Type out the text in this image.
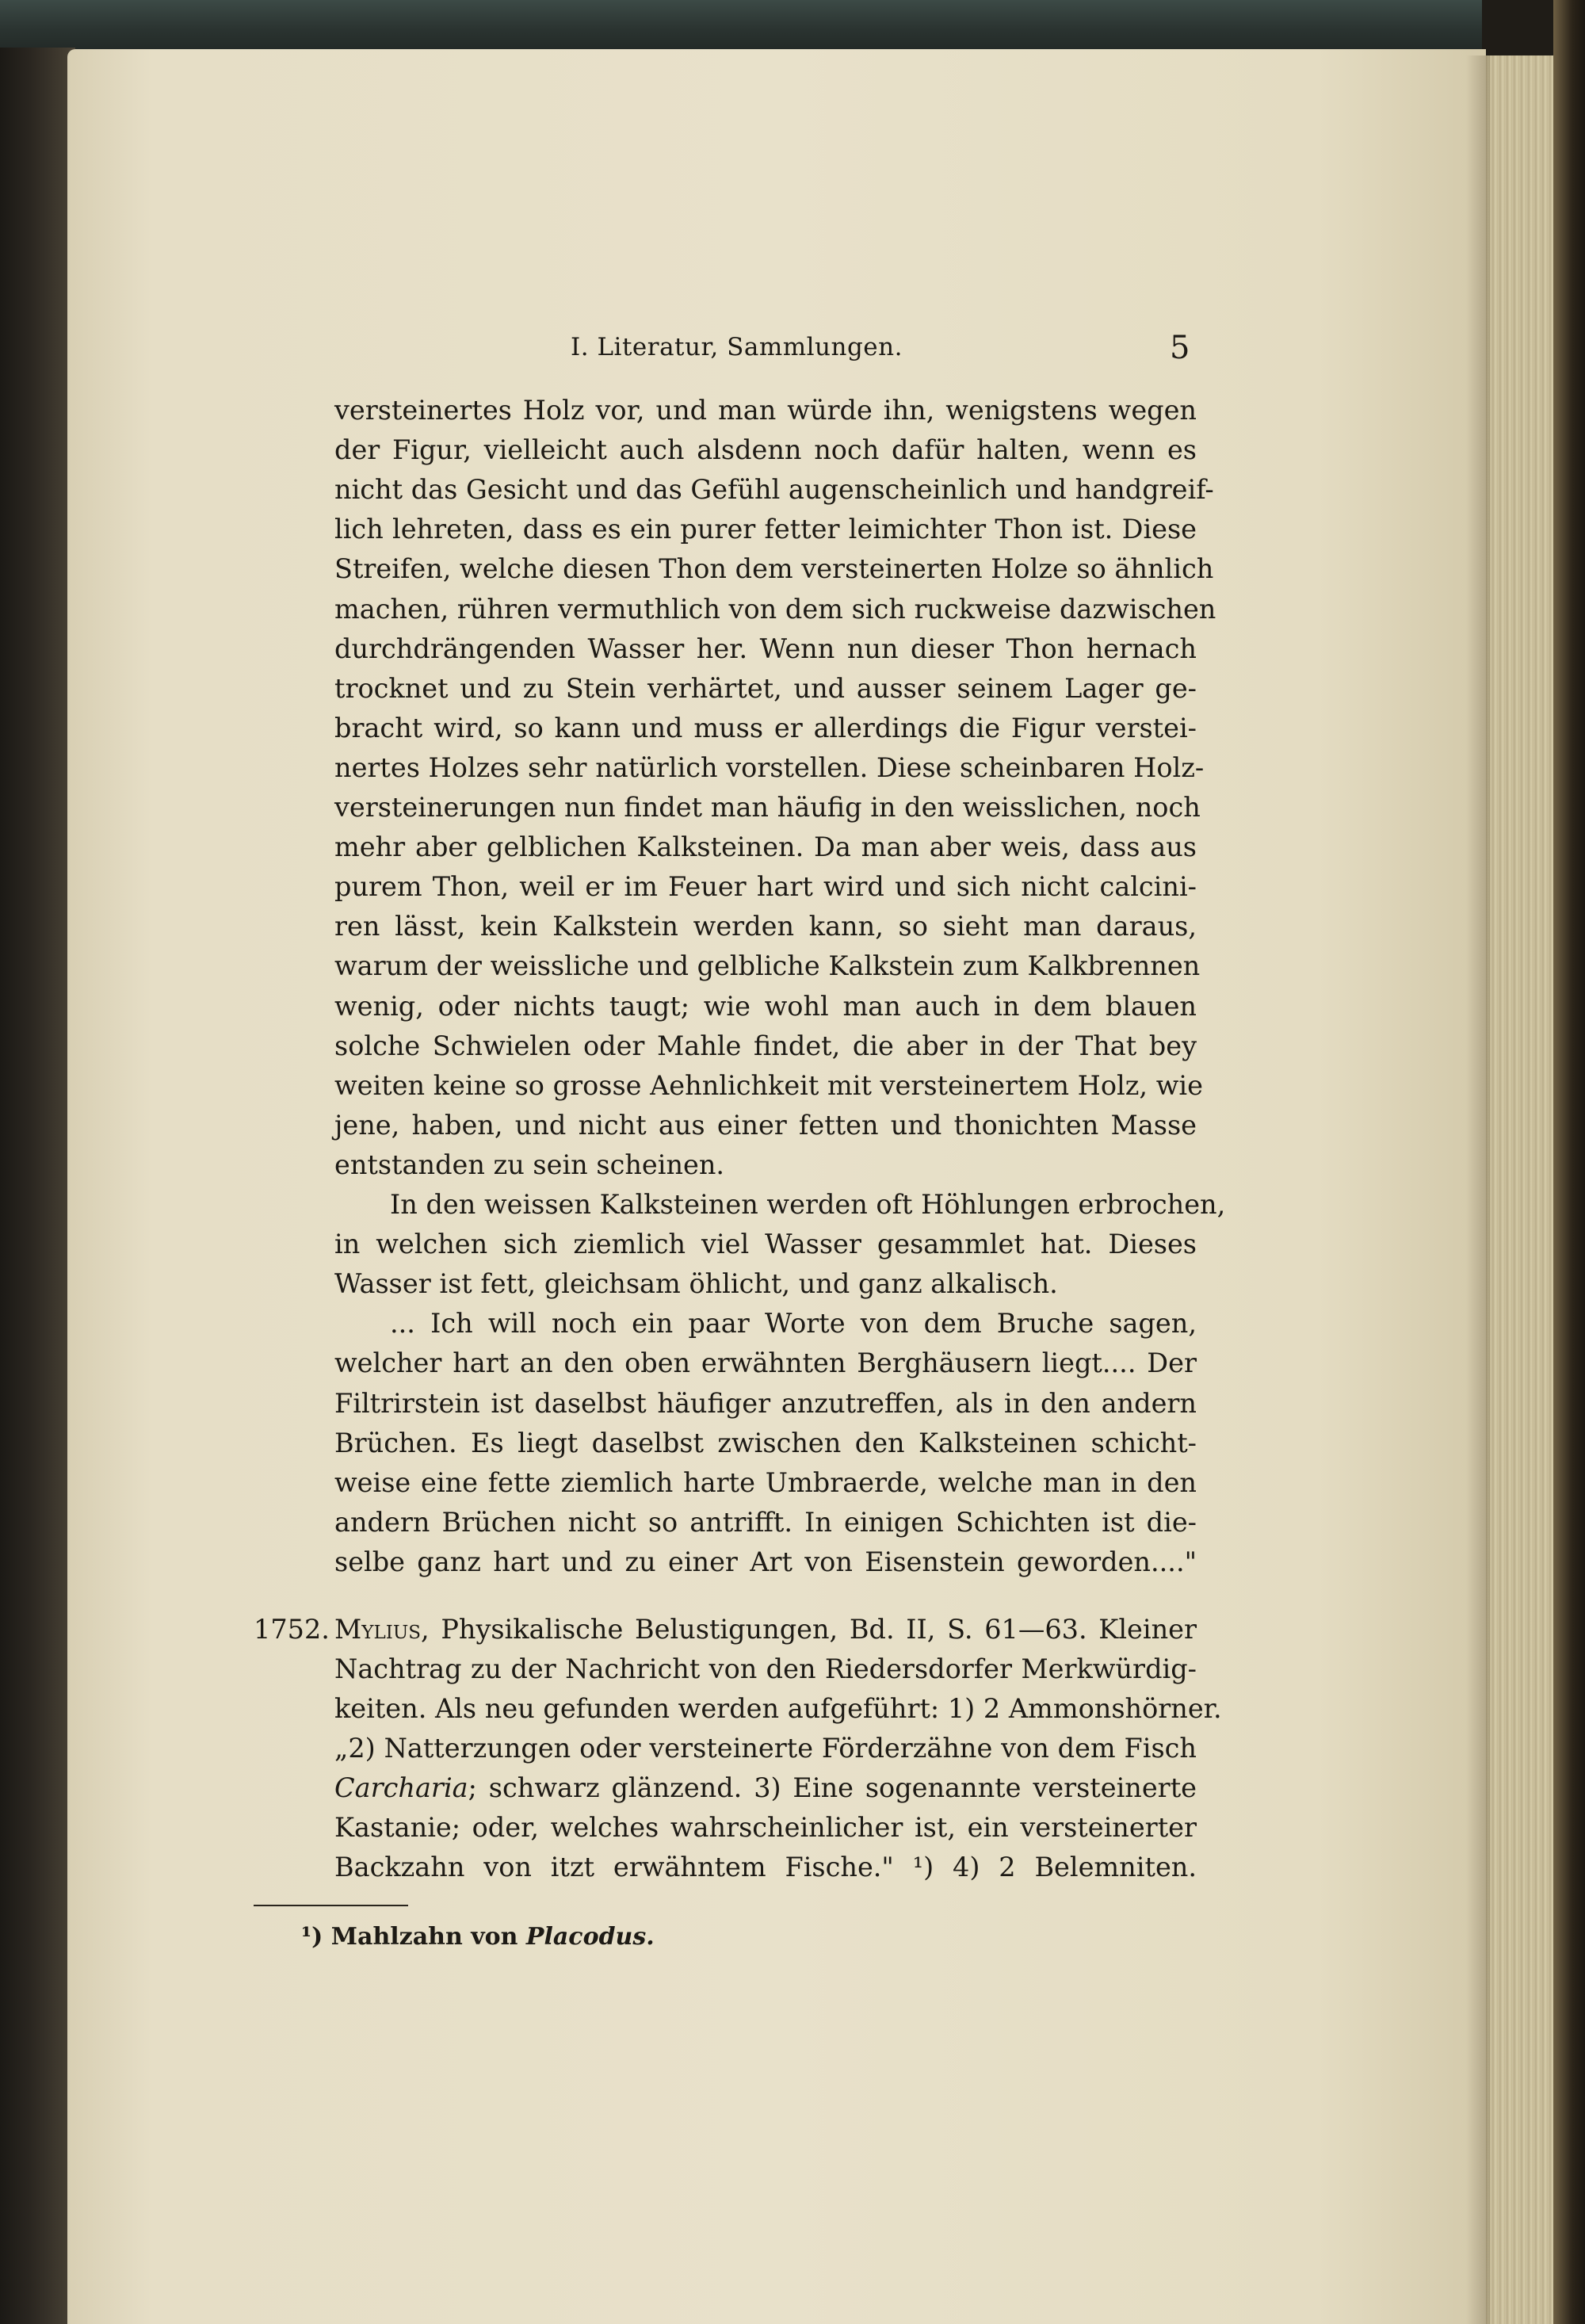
I. Literatur, Sammlungen.	5
versteinertes Holz vor, und man würde ihn, wenigstens wegen
der Figur, vielleicht auch alsdenn noch dafür halten, wenn es
nicht das Gesicht und das Gefühl augenscheinlich und handgreif-
lich lehreten, dass es ein purer fetter leimichter Thon ist. Diese
Streifen, welche diesen Thon dem versteinerten Holze so ähnlich
machen, rühren vermuthlich von dem sich ruckweise dazwischen
durchdrängenden Wasser her. Wenn nun dieser Thon hernach
trocknet und zu Stein verhärtet, und ausser seinem Lager ge-
bracht wird, so kann und muss er allerdings die Figur verstei-
nertes Holzes sehr natürlich vorstellen. Diese scheinbaren Holz-
versteinerungen nun findet man häufig in den weisslichen, noch
mehr aber gelblichen Kalksteinen. Da man aber weis, dass aus
purem Thon, weil er im Feuer hart wird und sich nicht calcini-
ren lässt, kein Kalkstein werden kann, so sieht man daraus,
warum der weissliche und gelbliche Kalkstein zum Kalkbrennen
wenig, oder nichts taugt; wie wohl man auch in dem blauen
solche Schwielen oder Mahle findet, die aber in der That bey
weiten keine so grosse Aehnlichkeit mit versteinertem Holz, wie
jene, haben, und nicht aus einer fetten und thonichten Masse
entstanden zu sein scheinen.
In den weissen Kalksteinen werden oft Höhlungen erbrochen,
in welchen sich ziemlich viel Wasser gesammlet hat. Dieses
Wasser ist fett, gleichsam öhlicht, und ganz alkalisch.
... Ich will noch ein paar Worte von dem Bruche sagen,
welcher hart an den oben erwähnten Berghäusern liegt.... Der
Filtrirstein ist daselbst häufiger anzutreffen, als in den andern
Brüchen. Es liegt daselbst zwischen den Kalksteinen schicht-
weise eine fette ziemlich harte Umbraerde, welche man in den
andern Brüchen nicht so antrifft. In einigen Schichten ist die-
selbe ganz hart und zu einer Art von Eisenstein geworden...."
1752. Mylius, Physikalische Belustigungen, Bd. II, S. 61—63. Kleiner
Nachtrag zu der Nachricht von den Riedersdorfer Merkwürdig-
keiten. Als neu gefunden werden aufgeführt: 1) 2 Ammonshörner.
„2) Natterzungen oder versteinerte Förderzähne von dem Fisch
Carcharia; schwarz glänzend. 3) Eine sogenannte versteinerte
Kastanie; oder, welches wahrscheinlicher ist, ein versteinerter
Backzahn von itzt erwähntem Fische." ¹) 4) 2 Belemniten.
¹) Mahlzahn von Placodus.
